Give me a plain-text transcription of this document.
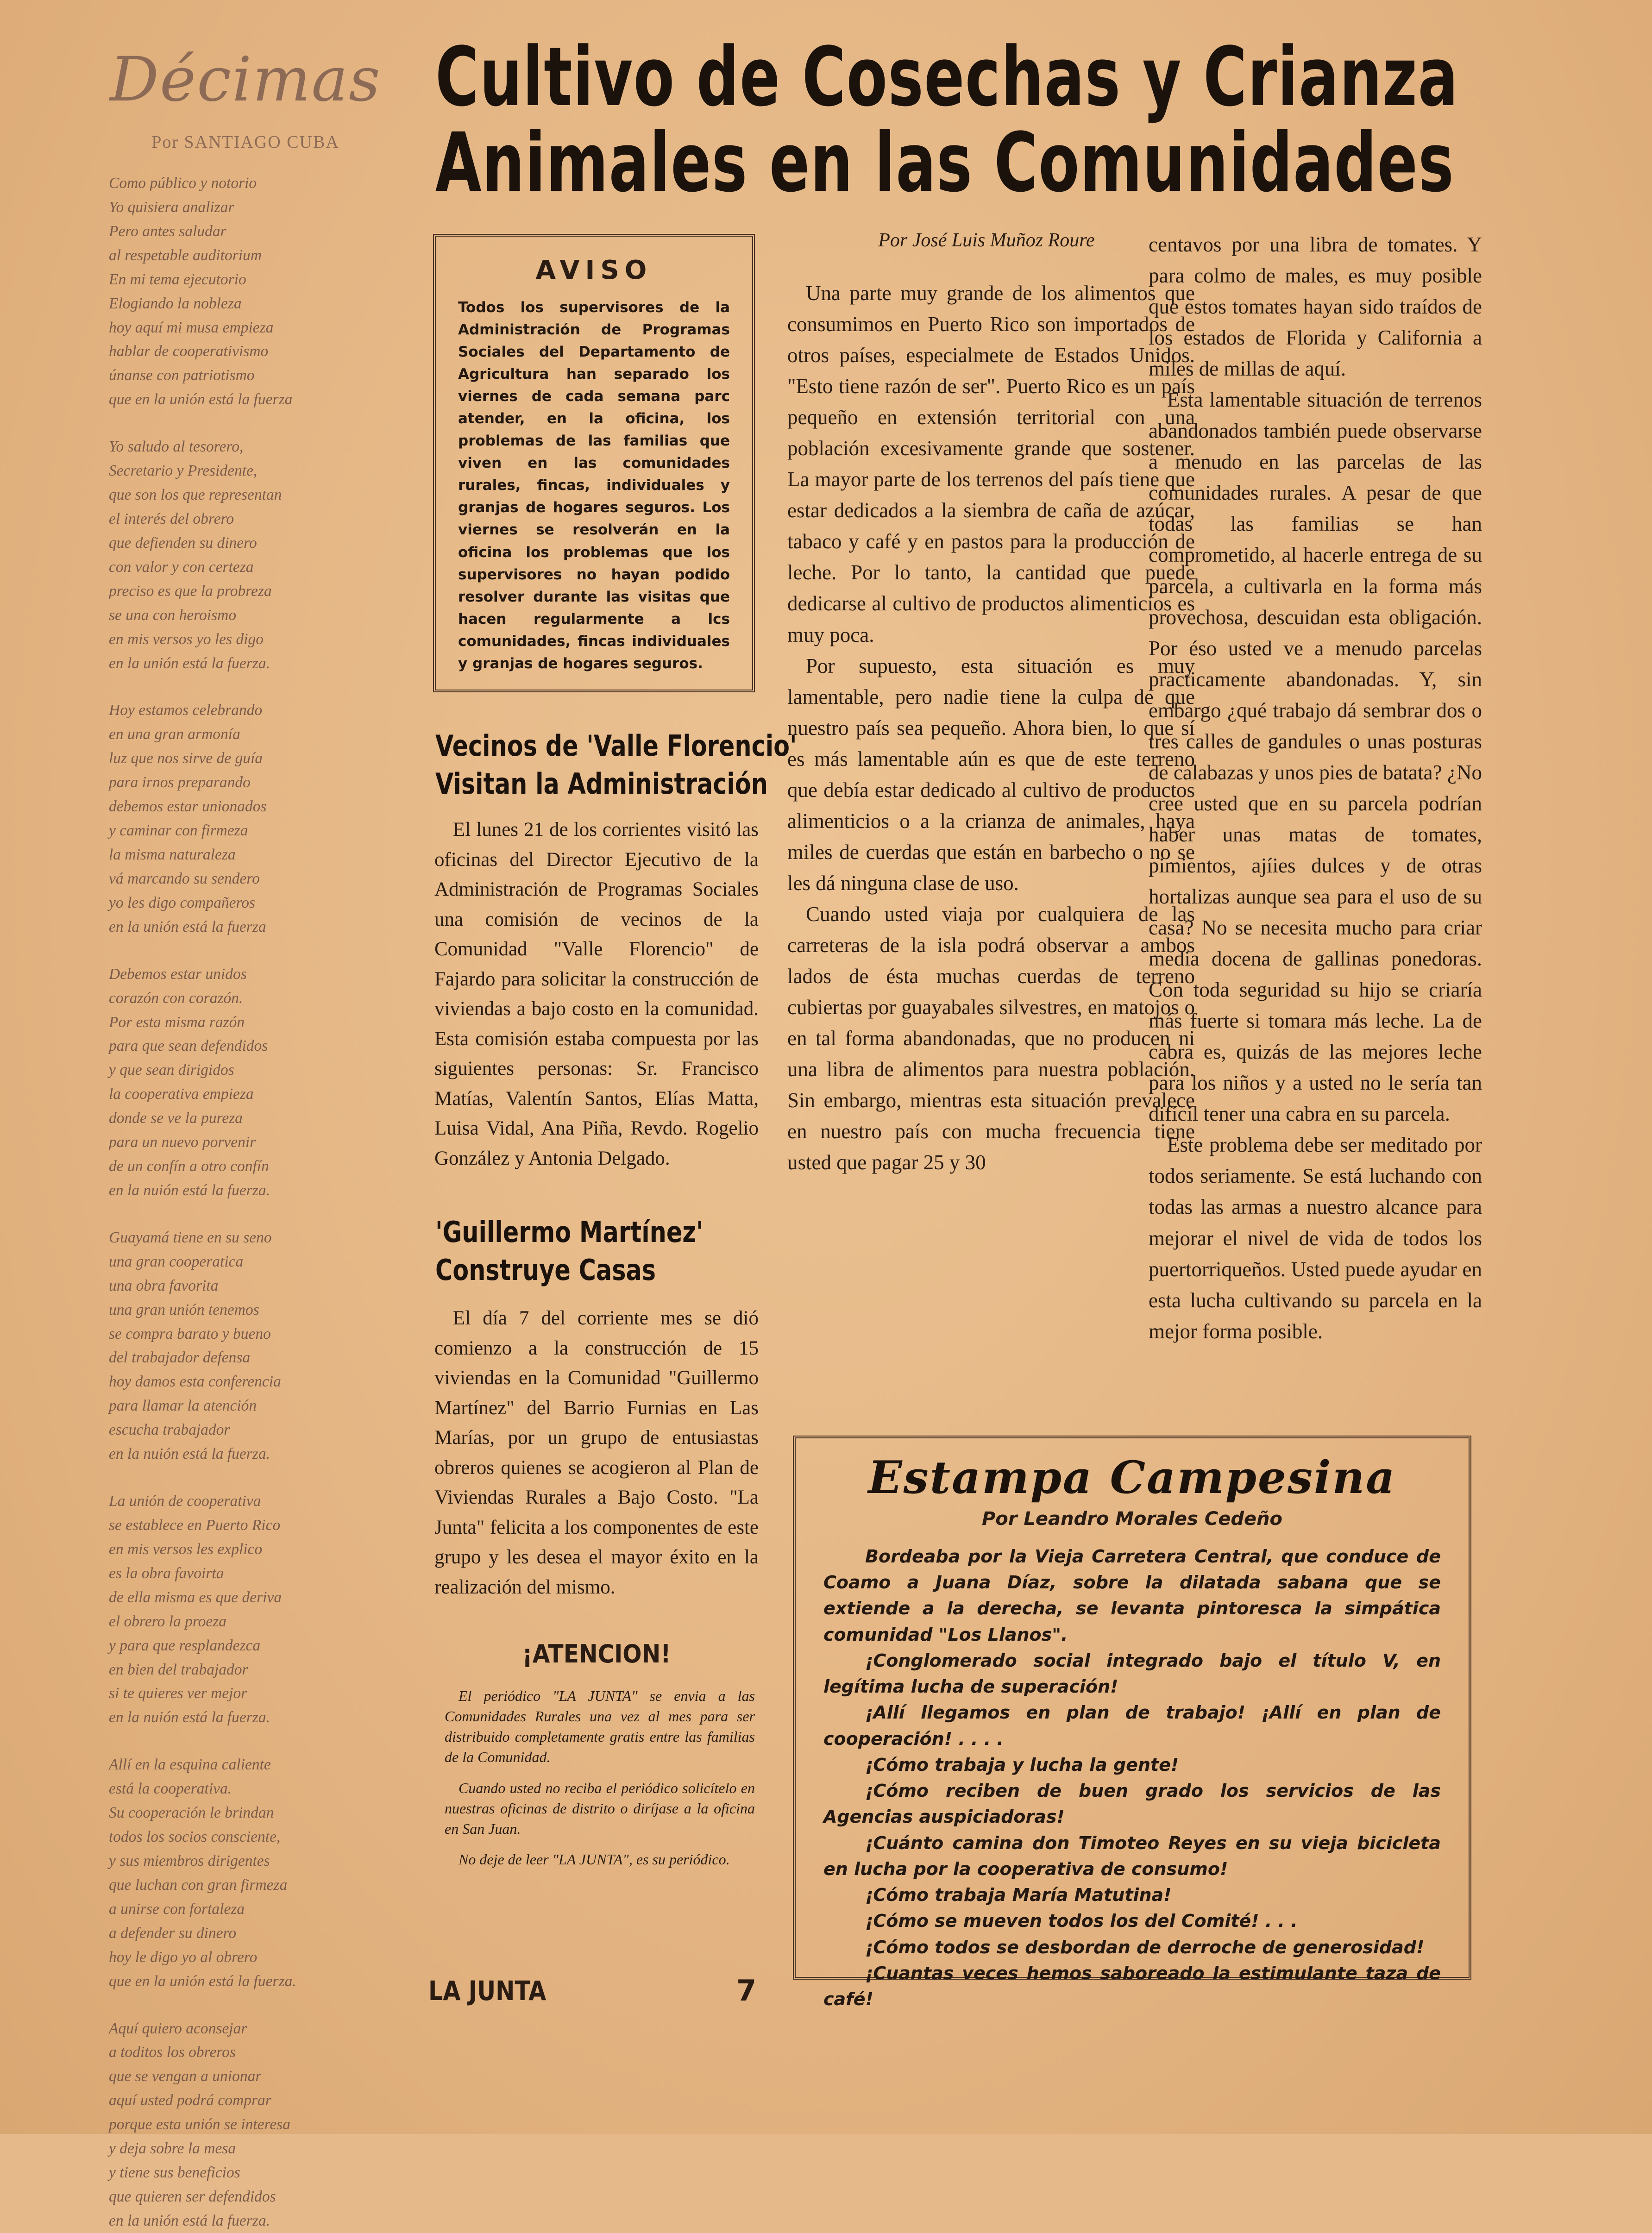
Décimas
Por SANTIAGO CUBA
Como público y notorio
Yo quisiera analizar
Pero antes saludar
al respetable auditorium
En mi tema ejecutorio
Elogiando la nobleza
hoy aquí mi musa empieza
hablar de cooperativismo
únanse con patriotismo
que en la unión está la fuerza
Yo saludo al tesorero,
Secretario y Presidente,
que son los que representan
el interés del obrero
que defienden su dinero
con valor y con certeza
preciso es que la probreza
se una con heroismo
en mis versos yo les digo
en la unión está la fuerza.
Hoy estamos celebrando
en una gran armonía
luz que nos sirve de guía
para irnos preparando
debemos estar unionados
y caminar con firmeza
la misma naturaleza
vá marcando su sendero
yo les digo compañeros
en la unión está la fuerza
Debemos estar unidos
corazón con corazón.
Por esta misma razón
para que sean defendidos
y que sean dirigidos
la cooperativa empieza
donde se ve la pureza
para un nuevo porvenir
de un confín a otro confín
en la nuión está la fuerza.
Guayamá tiene en su seno
una gran cooperatica
una obra favorita
una gran unión tenemos
se compra barato y bueno
del trabajador defensa
hoy damos esta conferencia
para llamar la atención
escucha trabajador
en la nuión está la fuerza.
La unión de cooperativa
se establece en Puerto Rico
en mis versos les explico
es la obra favoirta
de ella misma es que deriva
el obrero la proeza
y para que resplandezca
en bien del trabajador
si te quieres ver mejor
en la nuión está la fuerza.
Allí en la esquina caliente
está la cooperativa.
Su cooperación le brindan
todos los socios consciente,
y sus miembros dirigentes
que luchan con gran firmeza
a unirse con fortaleza
a defender su dinero
hoy le digo yo al obrero
que en la unión está la fuerza.
Aquí quiero aconsejar
a toditos los obreros
que se vengan a unionar
aquí usted podrá comprar
porque esta unión se interesa
y deja sobre la mesa
y tiene sus beneficios
que quieren ser defendidos
en la unión está la fuerza.
Cultivo de Cosechas y Crianza
Animales en las Comunidades
AVISO
Todos los supervisores de la Administración de Programas Sociales del Departamento de Agricultura han separado los viernes de cada semana parc atender, en la oficina, los problemas de las familias que viven en las comunidades rurales, fincas, individuales y granjas de hogares seguros. Los viernes se resolverán en la oficina los problemas que los supervisores no hayan podido resolver durante las visitas que hacen regularmente a lcs comunidades, fincas individuales y granjas de hogares seguros.
Vecinos de 'Valle Florencio'
Visitan la Administración

El lunes 21 de los corrientes visitó las oficinas del Director Ejecutivo de la Administración de Programas Sociales una comisión de vecinos de la Comunidad "Valle Florencio" de Fajardo para solicitar la construcción de viviendas a bajo costo en la comunidad. Esta comisión estaba compuesta por las siguientes personas: Sr. Francisco Matías, Valentín Santos, Elías Matta, Luisa Vidal, Ana Piña, Revdo. Rogelio González y Antonia Delgado.

'Guillermo Martínez'
Construye Casas

El día 7 del corriente mes se dió comienzo a la construcción de 15 viviendas en la Comunidad "Guillermo Martínez" del Barrio Furnias en Las Marías, por un grupo de entusiastas obreros quienes se acogieron al Plan de Viviendas Rurales a Bajo Costo. "La Junta" felicita a los componentes de este grupo y les desea el mayor éxito en la realización del mismo.

¡ATENCION!

El periódico "LA JUNTA" se envia a las Comunidades Rurales una vez al mes para ser distribuido completamente gratis entre las familias de la Comunidad.

Cuando usted no reciba el periódico solicítelo en nuestras oficinas de distrito o diríjase a la oficina en San Juan.

No deje de leer "LA JUNTA", es su periódico.

LA JUNTA	7
Por José Luis Muñoz Roure

Una parte muy grande de los alimentos que consumimos en Puerto Rico son importados de otros países, especialmete de Estados Unidos. "Esto tiene razón de ser". Puerto Rico es un país pequeño en extensión territorial con una población excesivamente grande que sostener. La mayor parte de los terrenos del país tiene que estar dedicados a la siembra de caña de azúcar, tabaco y café y en pastos para la producción de leche. Por lo tanto, la cantidad que puede dedicarse al cultivo de productos alimenticios es muy poca.

Por supuesto, esta situación es muy lamentable, pero nadie tiene la culpa de que nuestro país sea pequeño. Ahora bien, lo que sí es más lamentable aún es que de este terreno que debía estar dedicado al cultivo de productos alimenticios o a la crianza de animales, haya miles de cuerdas que están en barbecho o no se les dá ninguna clase de uso.

Cuando usted viaja por cualquiera de las carreteras de la isla podrá observar a ambos lados de ésta muchas cuerdas de terreno cubiertas por guayabales silvestres, en matojos o en tal forma abandonadas, que no producen ni una libra de alimentos para nuestra población. Sin embargo, mientras esta situación prevalece en nuestro país con mucha frecuencia tiene usted que pagar 25 y 30

centavos por una libra de tomates. Y para colmo de males, es muy posible que estos tomates hayan sido traídos de los estados de Florida y California a miles de millas de aquí.

Esta lamentable situación de terrenos abandonados también puede observarse a menudo en las parcelas de las comunidades rurales. A pesar de que todas las familias se han comprometido, al hacerle entrega de su parcela, a cultivarla en la forma más provechosa, descuidan esta obligación. Por éso usted ve a menudo parcelas practicamente abandonadas. Y, sin embargo ¿qué trabajo dá sembrar dos o tres calles de gandules o unas posturas de calabazas y unos pies de batata? ¿No cree usted que en su parcela podrían haber unas matas de tomates, pimientos, ajíies dulces y de otras hortalizas aunque sea para el uso de su casa? No se necesita mucho para criar media docena de gallinas ponedoras. Con toda seguridad su hijo se criaría más fuerte si tomara más leche. La de cabra es, quizás de las mejores leche para los niños y a usted no le sería tan difícil tener una cabra en su parcela.

Este problema debe ser meditado por todos seriamente. Se está luchando con todas las armas a nuestro alcance para mejorar el nivel de vida de todos los puertorriqueños. Usted puede ayudar en esta lucha cultivando su parcela en la mejor forma posible.

Estampa Campesina
Por Leandro Morales Cedeño

Bordeaba por la Vieja Carretera Central, que conduce de Coamo a Juana Díaz, sobre la dilatada sabana que se extiende a la derecha, se levanta pintoresca la simpática comunidad "Los Llanos".

¡Conglomerado social integrado bajo el título V, en legítima lucha de superación!

¡Allí llegamos en plan de trabajo! ¡Allí en plan de cooperación! . . . .

¡Cómo trabaja y lucha la gente!

¡Cómo reciben de buen grado los servicios de las Agencias auspiciadoras!

¡Cuánto camina don Timoteo Reyes en su vieja bicicleta en lucha por la cooperativa de consumo!

¡Cómo trabaja María Matutina!

¡Cómo se mueven todos los del Comité! . . .

¡Cómo todos se desbordan de derroche de generosidad!

¡Cuantas veces hemos saboreado la estimulante taza de café!
